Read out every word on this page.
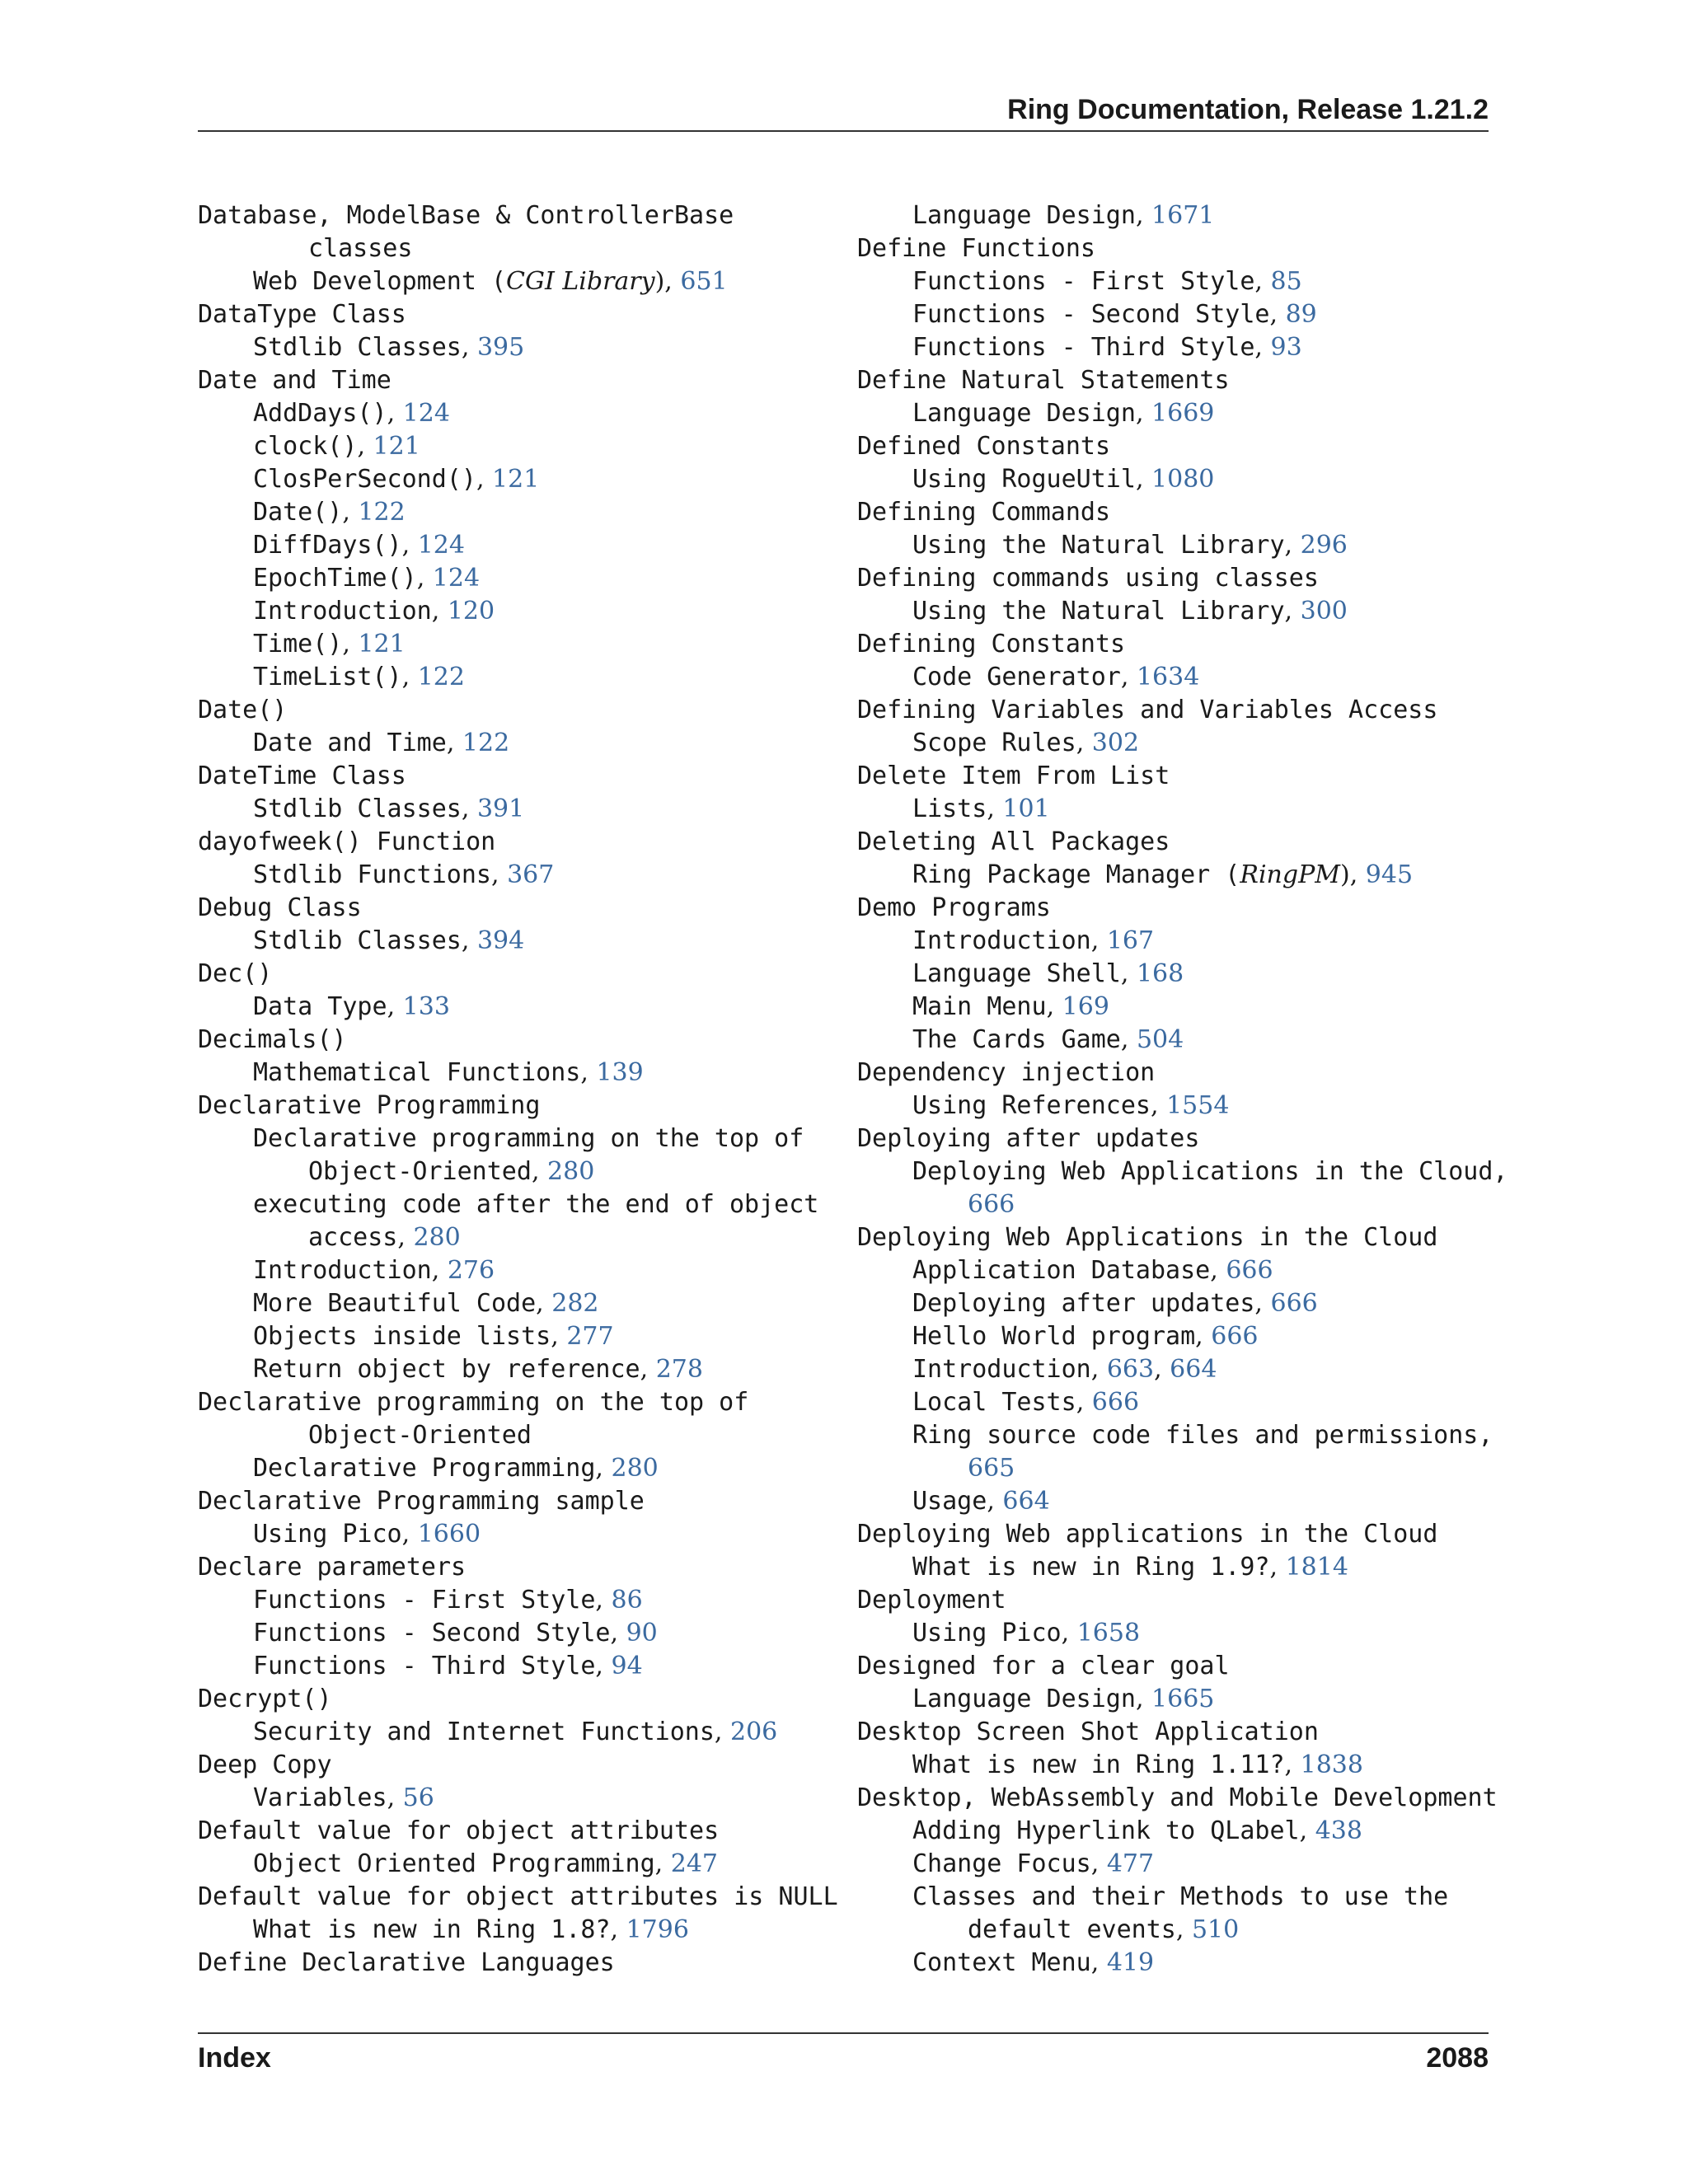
Ring Documentation, Release 1.21.2
Database, ModelBase & ControllerBase
classes
Web Development (CGI Library), 651
DataType Class
Stdlib Classes, 395
Date and Time
AddDays(), 124
clock(), 121
ClosPerSecond(), 121
Date(), 122
DiffDays(), 124
EpochTime(), 124
Introduction, 120
Time(), 121
TimeList(), 122
Date()
Date and Time, 122
DateTime Class
Stdlib Classes, 391
dayofweek() Function
Stdlib Functions, 367
Debug Class
Stdlib Classes, 394
Dec()
Data Type, 133
Decimals()
Mathematical Functions, 139
Declarative Programming
Declarative programming on the top of
Object-Oriented, 280
executing code after the end of object
access, 280
Introduction, 276
More Beautiful Code, 282
Objects inside lists, 277
Return object by reference, 278
Declarative programming on the top of
Object-Oriented
Declarative Programming, 280
Declarative Programming sample
Using Pico, 1660
Declare parameters
Functions - First Style, 86
Functions - Second Style, 90
Functions - Third Style, 94
Decrypt()
Security and Internet Functions, 206
Deep Copy
Variables, 56
Default value for object attributes
Object Oriented Programming, 247
Default value for object attributes is NULL
What is new in Ring 1.8?, 1796
Define Declarative Languages
Language Design, 1671
Define Functions
Functions - First Style, 85
Functions - Second Style, 89
Functions - Third Style, 93
Define Natural Statements
Language Design, 1669
Defined Constants
Using RogueUtil, 1080
Defining Commands
Using the Natural Library, 296
Defining commands using classes
Using the Natural Library, 300
Defining Constants
Code Generator, 1634
Defining Variables and Variables Access
Scope Rules, 302
Delete Item From List
Lists, 101
Deleting All Packages
Ring Package Manager (RingPM), 945
Demo Programs
Introduction, 167
Language Shell, 168
Main Menu, 169
The Cards Game, 504
Dependency injection
Using References, 1554
Deploying after updates
Deploying Web Applications in the Cloud,
666
Deploying Web Applications in the Cloud
Application Database, 666
Deploying after updates, 666
Hello World program, 666
Introduction, 663, 664
Local Tests, 666
Ring source code files and permissions,
665
Usage, 664
Deploying Web applications in the Cloud
What is new in Ring 1.9?, 1814
Deployment
Using Pico, 1658
Designed for a clear goal
Language Design, 1665
Desktop Screen Shot Application
What is new in Ring 1.11?, 1838
Desktop, WebAssembly and Mobile Development
Adding Hyperlink to QLabel, 438
Change Focus, 477
Classes and their Methods to use the
default events, 510
Context Menu, 419
Index	2088
